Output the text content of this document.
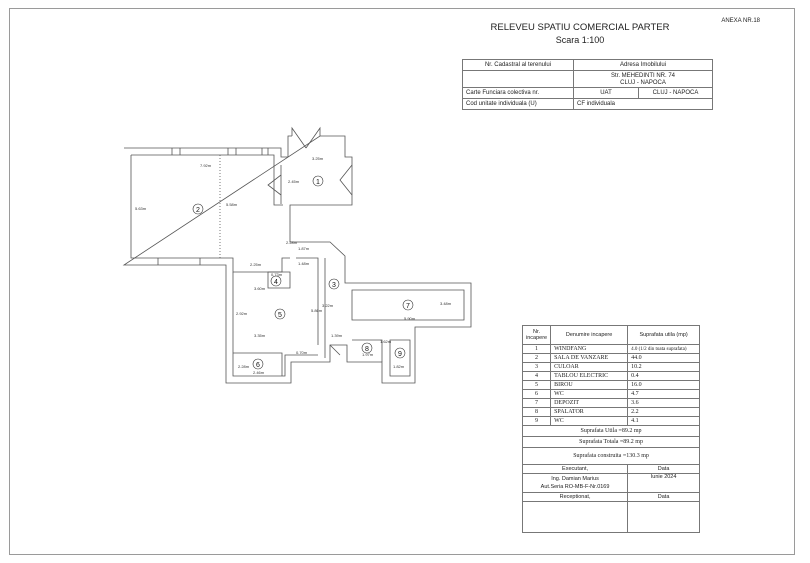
ANEXA NR.18
RELEVEU SPATIU COMERCIAL PARTER
Scara 1:100
Nr. Cadastral al terenului	Adresa Imobilului	

	Str. MEHEDINTI NR. 74
CLUJ - NAPOCA	

Carte Funciara colectiva nr.	UAT	CLUJ - NAPOCA
Cod unitate individuala (U)	CF individuala	
7.92m
3.25m
5.63m
5.58m
2.45m
2.25m
1.87m
2.28m
1.48m
0.73m
3.60m
3.22m
2.92m
3.35m
0.70m
2.46m
1.39m
5.86m
1.97m
1.82m
1.62m
3.48m
5.90m
2.28m
1
2
3
4
5
6
7
8
9
Nr. incapere	Denumire incapere	Suprafata utila (mp)
1	WINDFANG	4.0 (1/2 din toata suprafata)
2	SALA DE VANZARE	44.0
3	CULOAR	10.2
4	TABLOU ELECTRIC	0.4
5	BIROU	16.0
6	WC	4.7
7	DEPOZIT	3.6
8	SPALATOR	2.2
9	WC	4.1
Suprafata Utila =89.2 mp		
Suprafata Totala =89.2 mp		
Suprafata construita =130.3 mp		
Executant,		Data

Ing. Damian Marius
Aut.Seria RO-MB-F-Nr.0169		Iunie 2024
Receptionat,		Data
